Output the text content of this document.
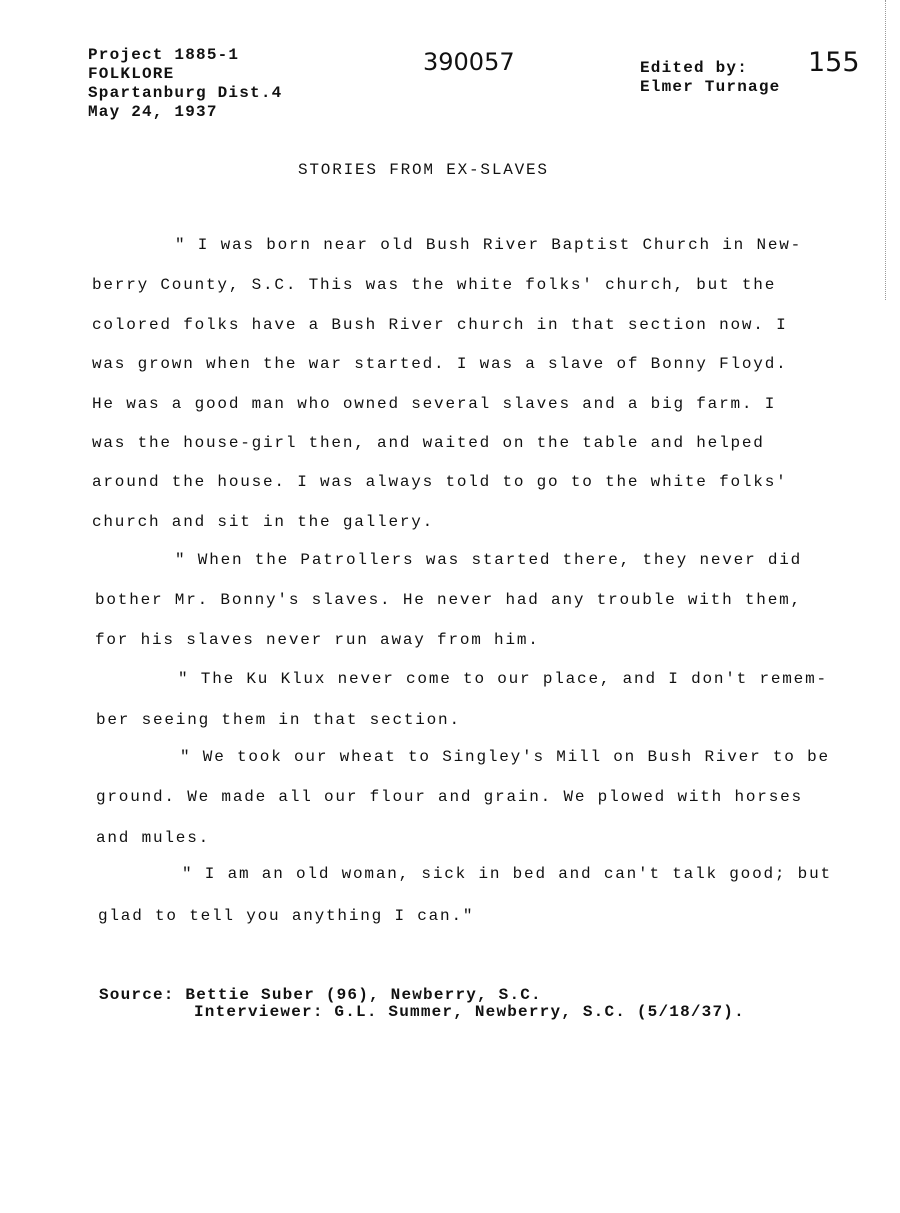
Project 1885-1
FOLKLORE
Spartanburg Dist.4
May 24, 1937
390057	Edited by:
Elmer Turnage
155
STORIES FROM EX-SLAVES
" I was born near old Bush River Baptist Church in New-
berry County, S.C. This was the white folks' church, but the
colored folks have a Bush River church in that section now. I
was grown when the war started. I was a slave of Bonny Floyd.
He was a good man who owned several slaves and a big farm. I
was the house-girl then, and waited on the table and helped
around the house. I was always told to go to the white folks'
church and sit in the gallery.
" When the Patrollers was started there, they never did
bother Mr. Bonny's slaves. He never had any trouble with them,
for his slaves never run away from him.
" The Ku Klux never come to our place, and I don't remem-
ber seeing them in that section.
" We took our wheat to Singley's Mill on Bush River to be
ground. We made all our flour and grain. We plowed with horses
and mules.
" I am an old woman, sick in bed and can't talk good; but
glad to tell you anything I can."
Source: Bettie Suber (96), Newberry, S.C.
Interviewer: G.L. Summer, Newberry, S.C. (5/18/37).
